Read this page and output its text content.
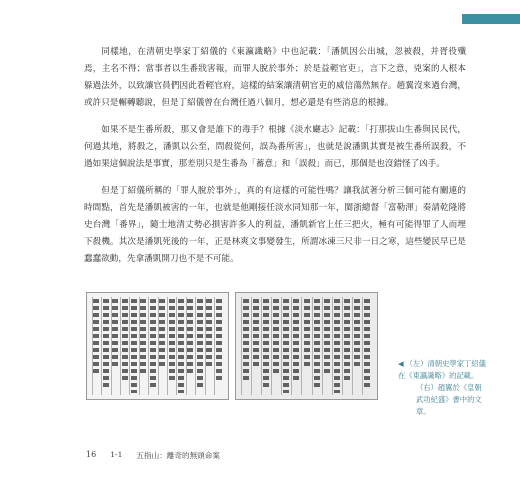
同樣地，在清朝史學家丁紹儀的《東瀛識略》中也記載：「潘凱因公出城，忽被殺，并胥役殲焉，主名不得；當事者以生番戕害報，而罪人脫於事外；於是益輕官吏」，言下之意，兇案的人根本躲過法外，以致讓官員們因此看輕官府，這樣的結案讓清朝官吏的威信蕩然無存。趙翼沒來過台灣，或許只是輾轉聽說，但是丁紹儀曾在台灣任過八個月，想必還是有些消息的根據。

如果不是生番所殺，那又會是誰下的毒手？根據《淡水廳志》記載：「打那拔山生番與民民代，何過其地，將殺之，潘凱以公至，問殺從何，誤為番所害」，也就是說潘凱其實是被生番所誤殺，不過如果這個說法是事實，那差別只是生番為「蓄意」和「誤殺」而已，那個是也沒錯怪了凶手。

但是丁紹儀所稱的「罪人脫於事外」，真的有這樣的可能性嗎？讓我試著分析三個可能有關連的時間點，首先是潘凱被害的一年，也就是他剛接任淡水同知那一年，閩浙總督「富勒渾」奏請乾隆將史台灣「番界」，隨士地清丈勢必損害許多人的利益，潘凱新官上任三把火，極有可能得罪了人而埋下殺機。其次是潘凱死後的一年，正是林爽文事變發生，所謂冰凍三尺非一日之寒，這些變民早已是蠢蠢欲動，先拿潘凱開刀也不是不可能。

◀ （左）清朝史學家丁紹儀在《東瀛識略》的記載。
（右）趙翼於《皇朝武功紀盛》書中的文章。
16 1-1 五指山：離奇的無頭命案
